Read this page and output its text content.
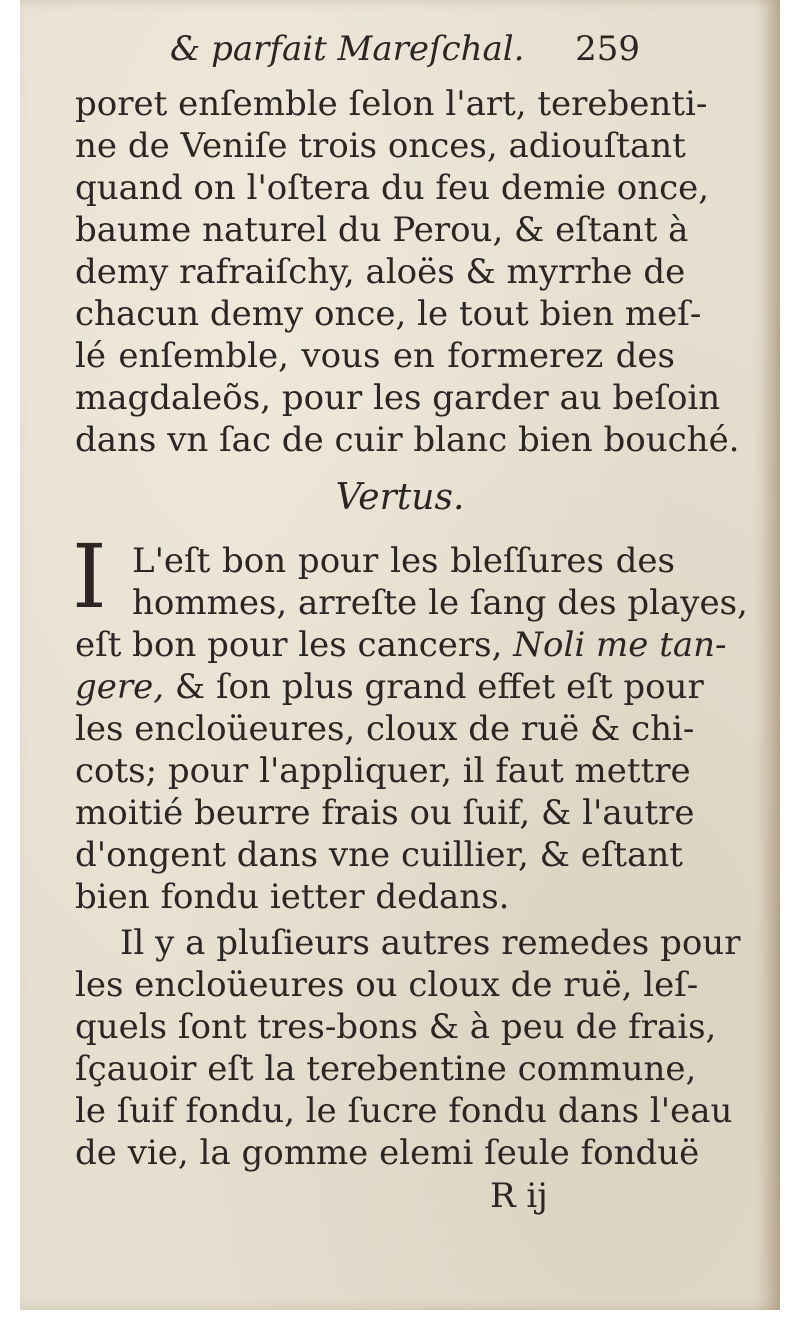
& parfait Mareſchal. 259
poret enſemble ſelon l'art, terebenti-
ne de Veniſe trois onces, adiouſtant
quand on l'oſtera du feu demie once,
baume naturel du Perou, & eſtant à
demy rafraiſchy, aloës & myrrhe de
chacun demy once, le tout bien meſ-
lé enſemble, vous en formerez des
magdaleõs, pour les garder au beſoin
dans vn ſac de cuir blanc bien bouché.
Vertus.
I L'eſt bon pour les bleſſures des
hommes, arreſte le ſang des playes,
eſt bon pour les cancers, Noli me tan-
gere, & ſon plus grand effet eſt pour
les encloüeures, cloux de ruë & chi-
cots; pour l'appliquer, il faut mettre
moitié beurre frais ou ſuif, & l'autre
d'ongent dans vne cuillier, & eſtant
bien fondu ietter dedans.
Il y a pluſieurs autres remedes pour
les encloüeures ou cloux de ruë, leſ-
quels ſont tres-bons & à peu de frais,
ſçauoir eſt la terebentine commune,
le ſuif fondu, le ſucre fondu dans l'eau
de vie, la gomme elemi ſeule fonduë
R ij
